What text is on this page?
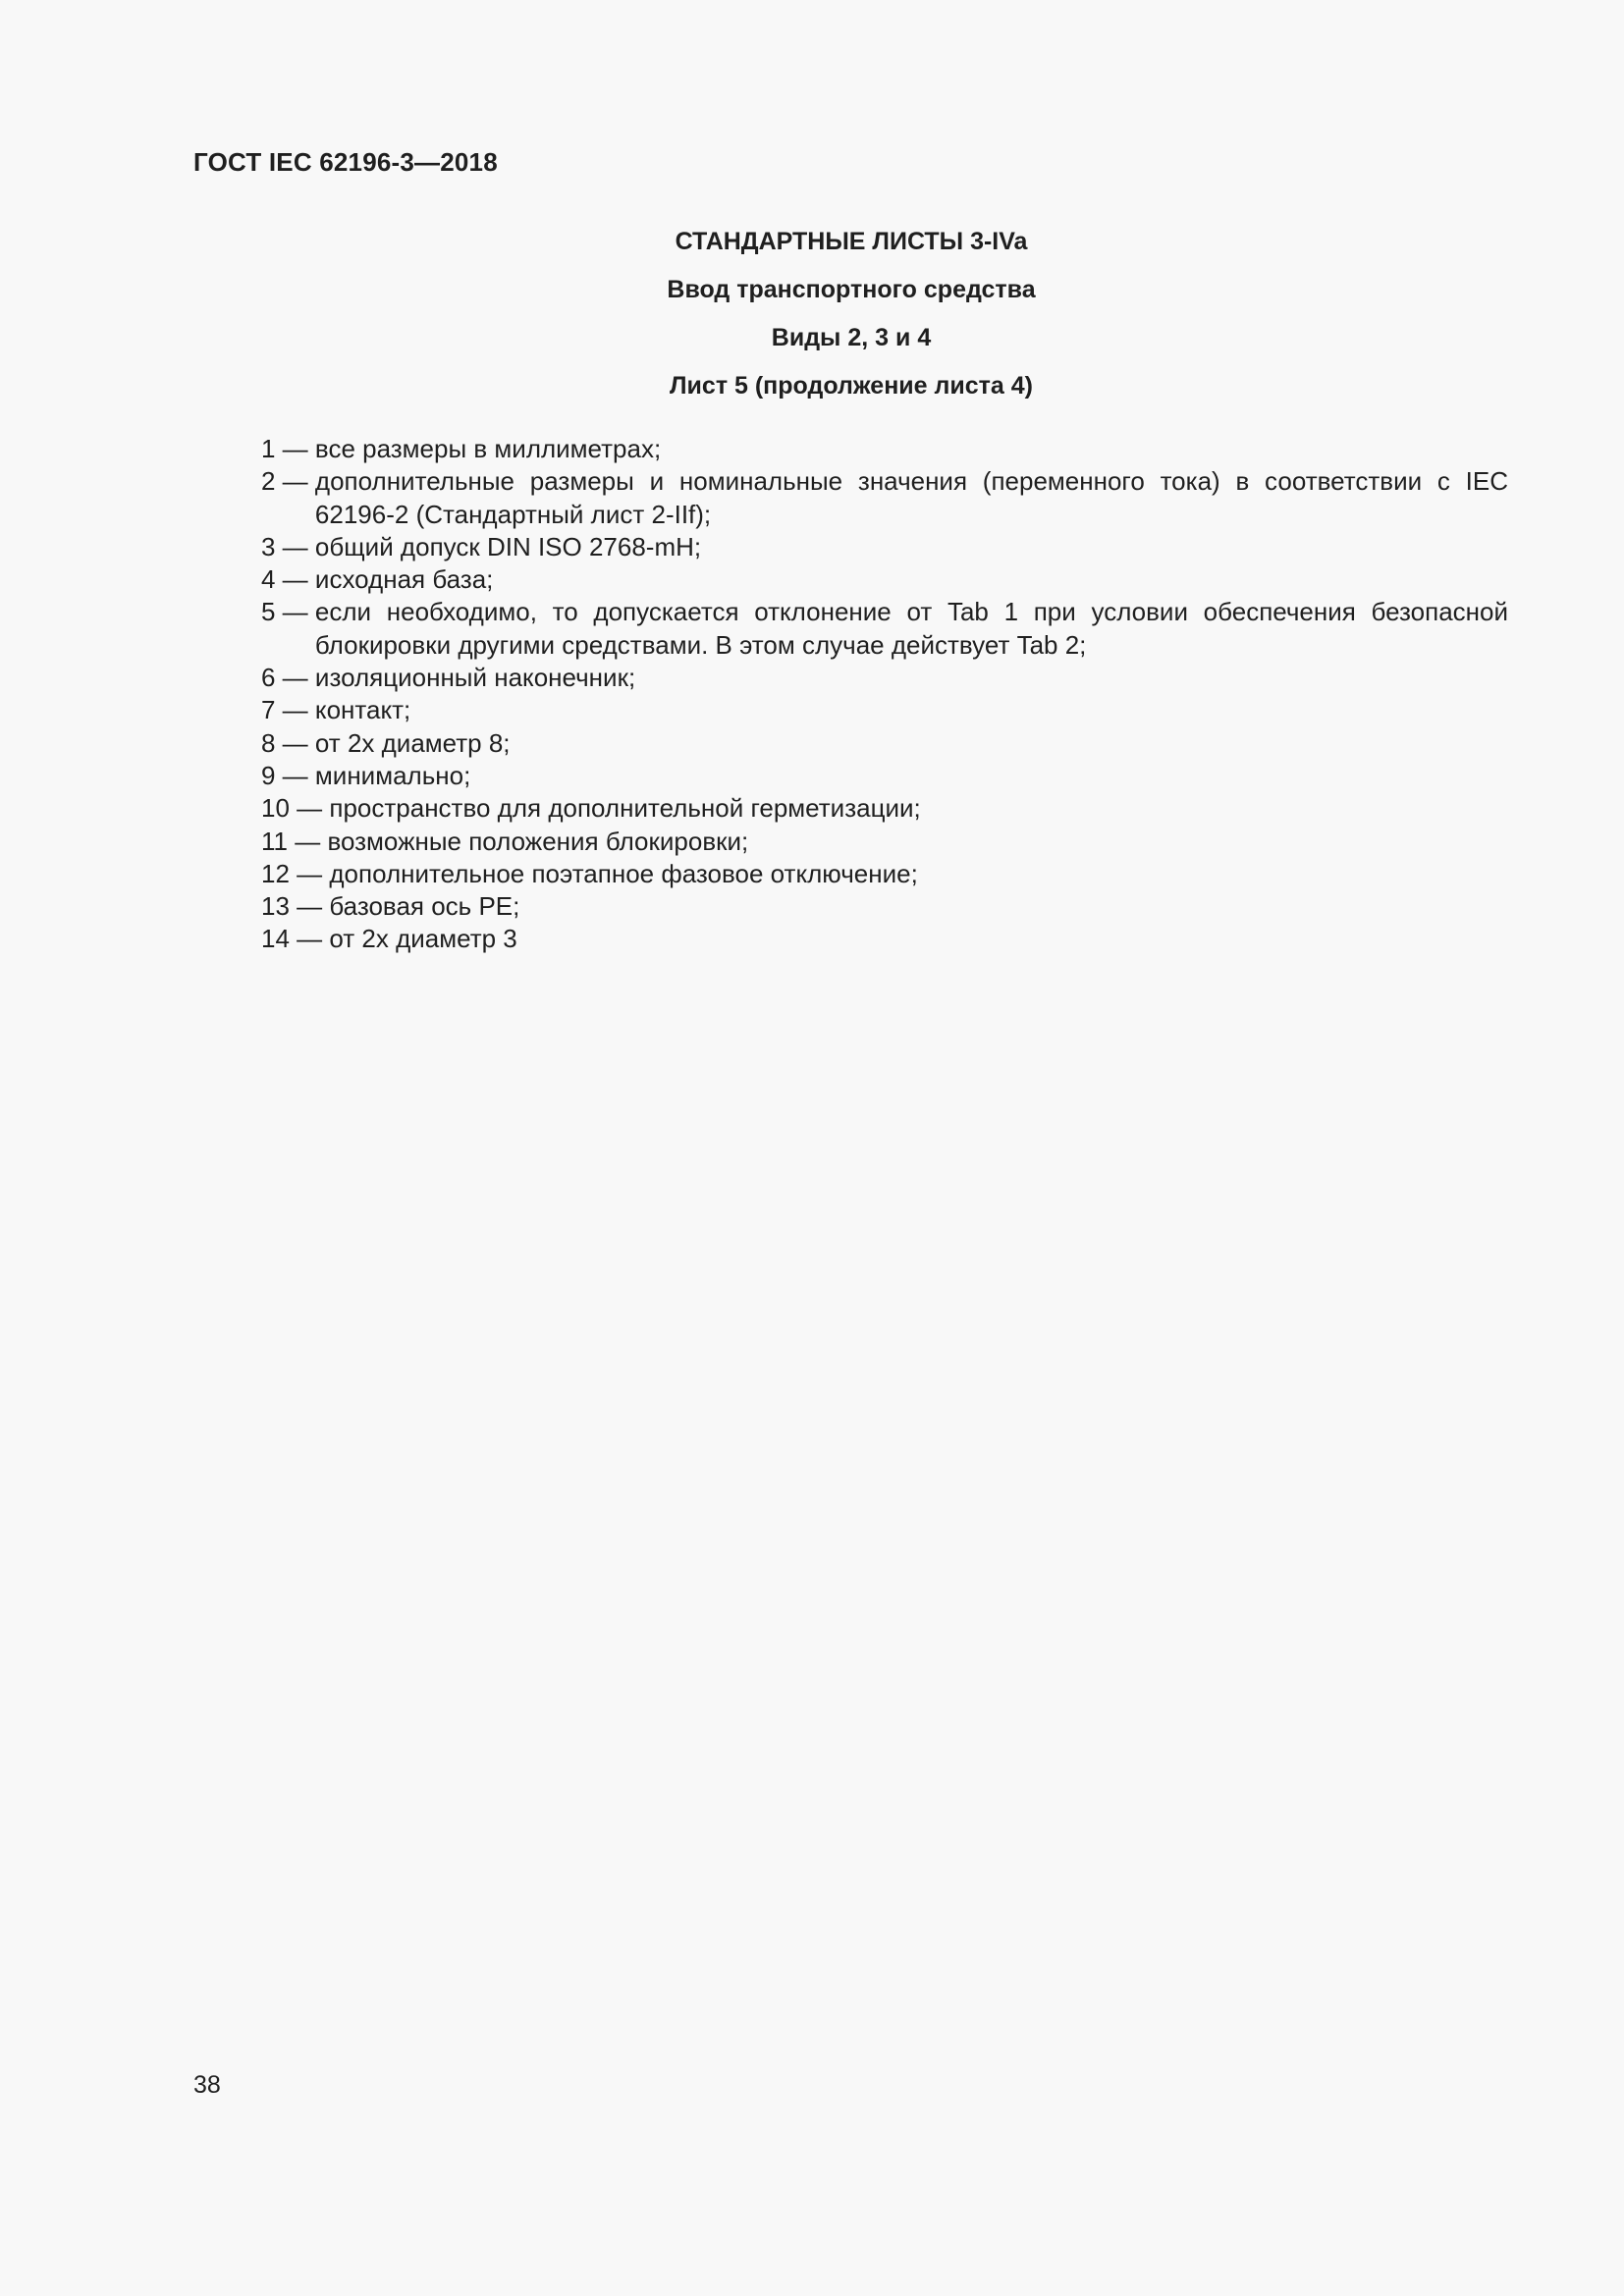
ГОСТ IEC 62196-3—2018
СТАНДАРТНЫЕ ЛИСТЫ 3-IVa
Ввод транспортного средства
Виды 2, 3 и 4
Лист 5 (продолжение листа 4)
1 — все размеры в миллиметрах;
2 — дополнительные размеры и номинальные значения (переменного тока) в соответствии с IEC 62196-2 (Стандартный лист 2-IIf);
3 — общий допуск DIN ISO 2768-mH;
4 — исходная база;
5 — если необходимо, то допускается отклонение от Tab 1 при условии обеспечения безопасной блокировки другими средствами. В этом случае действует Tab 2;
6 — изоляционный наконечник;
7 — контакт;
8 — от 2х диаметр 8;
9 — минимально;
10 — пространство для дополнительной герметизации;
11 — возможные положения блокировки;
12 — дополнительное поэтапное фазовое отключение;
13 — базовая ось PE;
14 — от 2х диаметр 3
38
